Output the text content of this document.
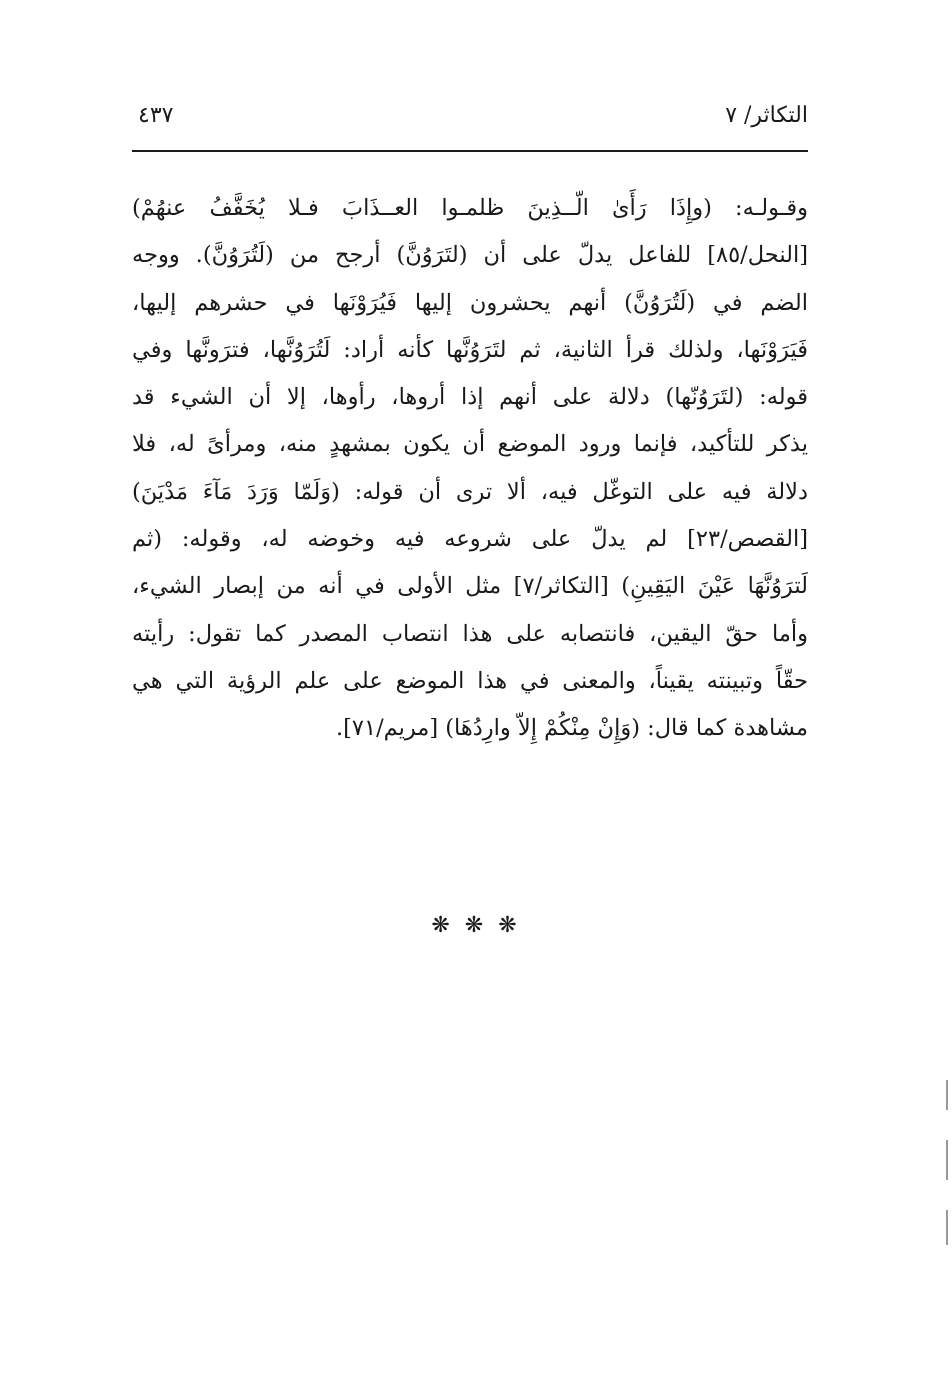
التكاثر/ ٧
٤٣٧
وقـولـه: (وإِذَا رَأَىٰ الّــذِينَ ظلمـوا العــذَابَ فـلا يُخَفَّفُ عنهُمْ)
[النحل/٨٥] للفاعل يدلّ على أن (لتَرَوُنَّ) أرجح من (لَتُرَوُنَّ). ووجه
الضم في (لَتُرَوُنَّ) أنهم يحشرون إليها فَيُرَوْنَها في حشرهم إليها،
فَيَرَوْنَها، ولذلك قرأ الثانية، ثم لتَرَوُنَّها كأنه أراد: لَتُرَوُنَّها، فترَونَّها وفي
قوله: (لتَرَوُنّها) دلالة على أنهم إذا أروها، رأوها، إلا أن الشيء قد
يذكر للتأكيد، فإنما ورود الموضع أن يكون بمشهدٍ منه، ومرأىً له، فلا
دلالة فيه على التوغّل فيه، ألا ترى أن قوله: (وَلَمّا وَرَدَ مَآءَ مَدْيَنَ)
[القصص/٢٣] لم يدلّ على شروعه فيه وخوضه له، وقوله: (ثم
لَترَوُنَّهَا عَيْنَ اليَقِينِ) [التكاثر/٧] مثل الأولى في أنه من إبصار الشيء،
وأما حقّ اليقين، فانتصابه على هذا انتصاب المصدر كما تقول: رأيته
حقّاً وتبينته يقيناً، والمعنى في هذا الموضع على علم الرؤية التي هي
مشاهدة كما قال: (وَإِنْ مِنْكُمْ إِلاّ وارِدُهَا) [مريم/٧١].
❋ ❋ ❋
